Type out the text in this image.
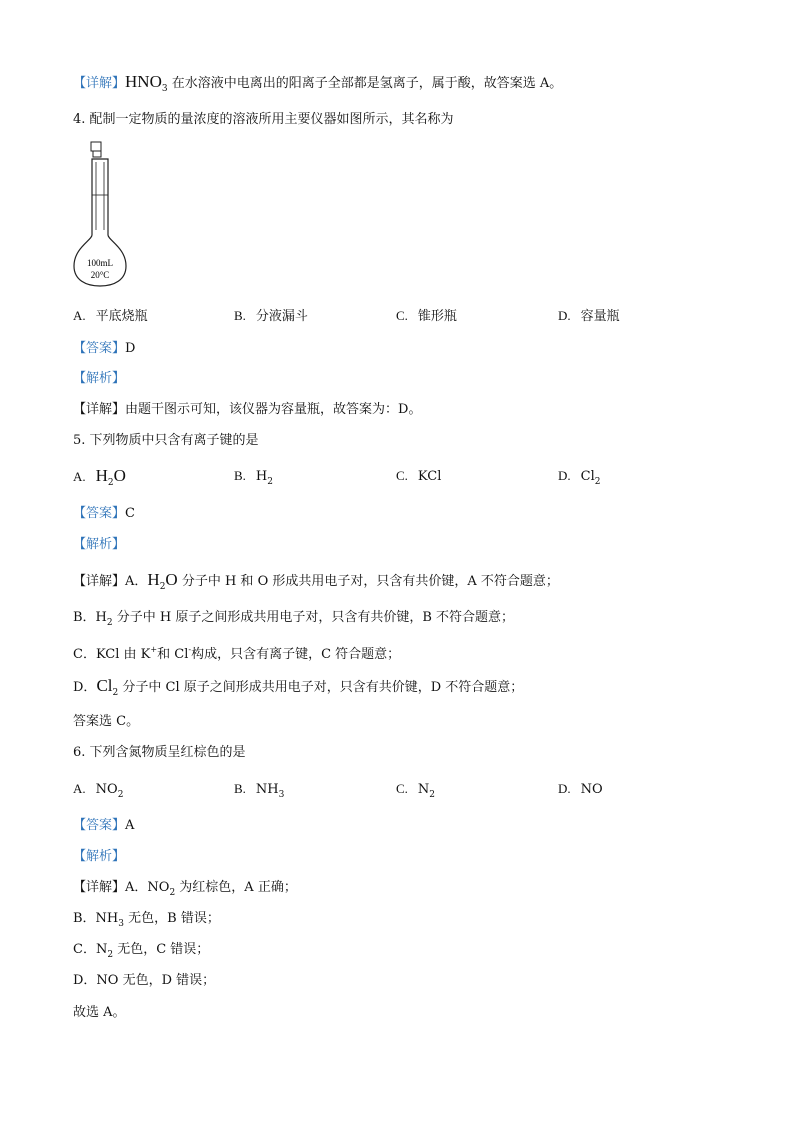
【详解】$HNO_3$ 在水溶液中电离出的阳离子全部都是氢离子，属于酸，故答案选 A。
4. 配制一定物质的量浓度的溶液所用主要仪器如图所示，其名称为
100mL
20°C
A. 平底烧瓶	B. 分液漏斗	C. 锥形瓶	D. 容量瓶
【答案】D
【解析】
【详解】由题干图示可知，该仪器为容量瓶，故答案为：D。
5. 下列物质中只含有离子键的是
A. $H_2O$	B. $H_2$	C. KCl	D. $Cl_2$
【答案】C
【解析】
【详解】A．$H_2O$ 分子中 H 和 O 形成共用电子对，只含有共价键，A 不符合题意；
B．$H_2$ 分子中 H 原子之间形成共用电子对，只含有共价键，B 不符合题意；
C．KCl 由 K+和 Cl-构成，只含有离子键，C 符合题意；
D．$Cl_2$ 分子中 Cl 原子之间形成共用电子对，只含有共价键，D 不符合题意；
答案选 C。
6. 下列含氮物质呈红棕色的是
A. $NO_2$	B. $NH_3$	C. $N_2$	D. NO
【答案】A
【解析】
【详解】A．$NO_2$ 为红棕色，A 正确；
B．$NH_3$ 无色，B 错误；
C．$N_2$ 无色，C 错误；
D．NO 无色，D 错误；
故选 A。
